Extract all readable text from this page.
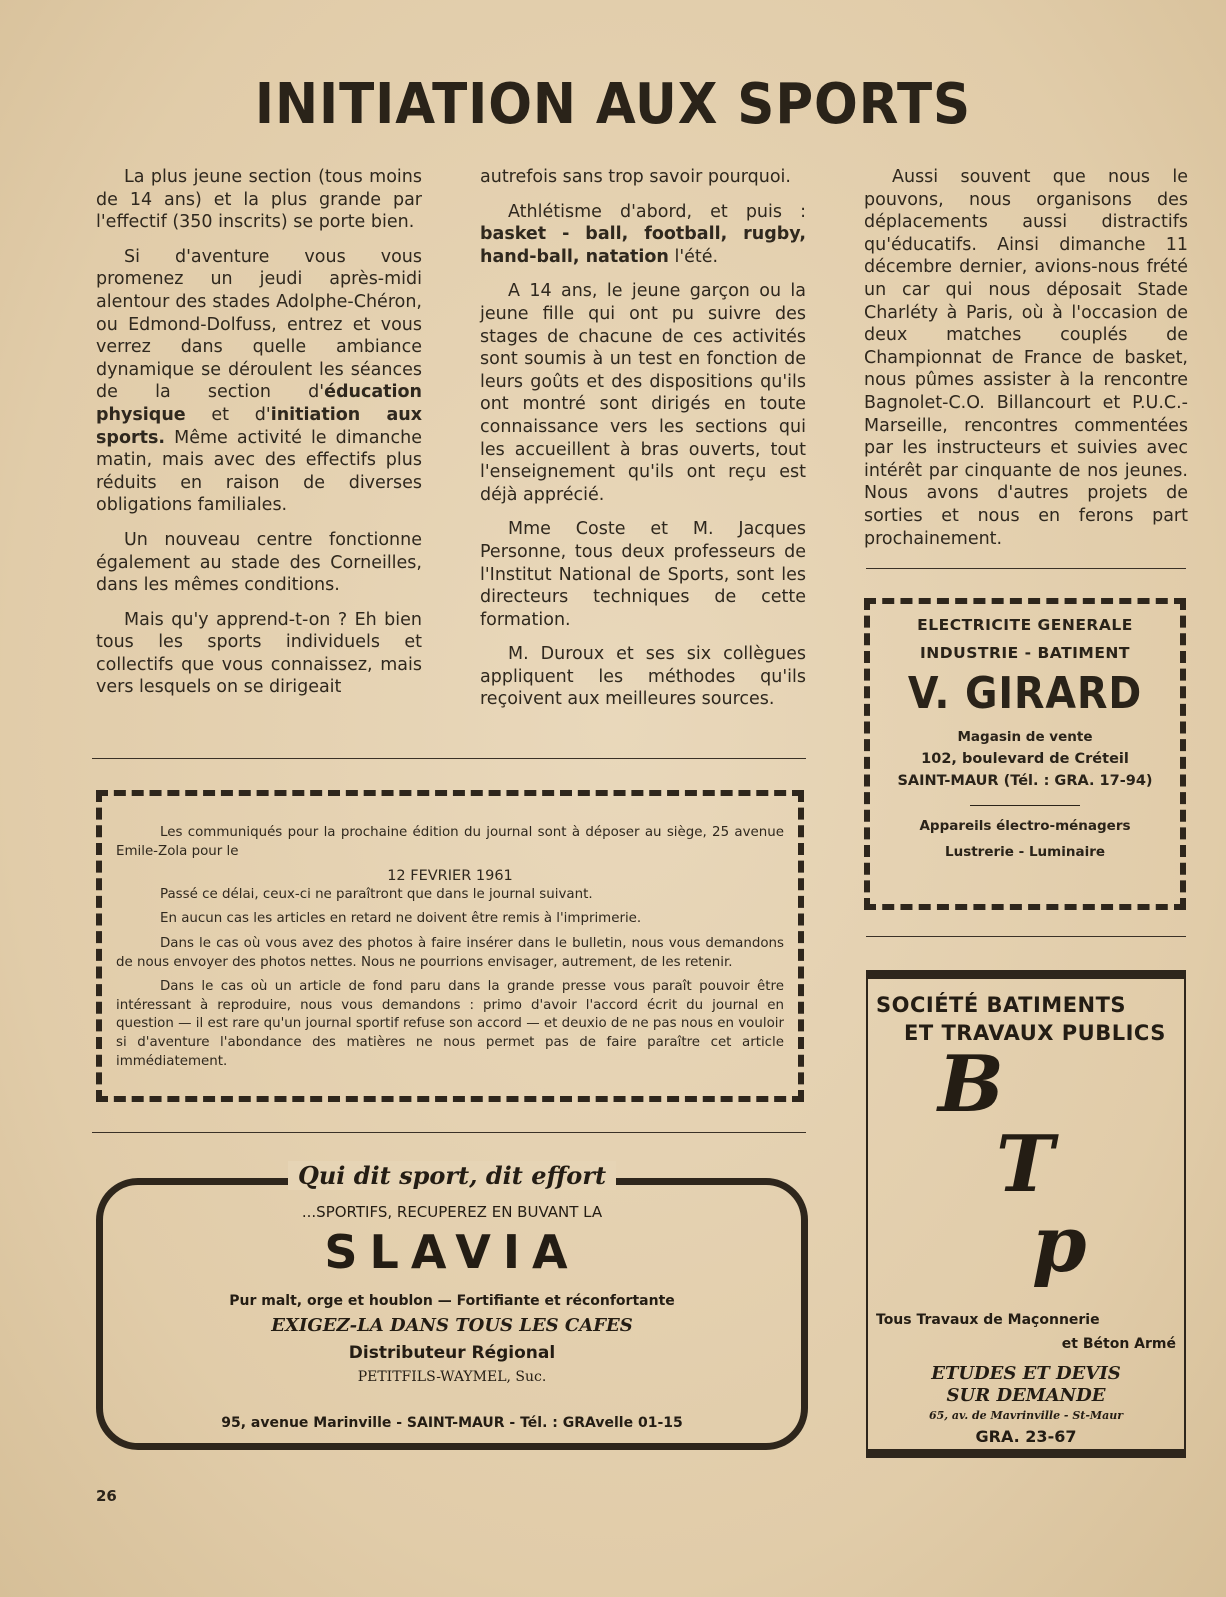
INITIATION AUX SPORTS

La plus jeune section (tous moins de 14 ans) et la plus grande par l'effectif (350 inscrits) se porte bien.

Si d'aventure vous vous promenez un jeudi après-midi alentour des stades Adolphe-Chéron, ou Edmond-Dolfuss, entrez et vous verrez dans quelle ambiance dynamique se déroulent les séances de la section d'éducation physique et d'initiation aux sports. Même activité le dimanche matin, mais avec des effectifs plus réduits en raison de diverses obligations familiales.

Un nouveau centre fonctionne également au stade des Corneilles, dans les mêmes conditions.

Mais qu'y apprend-t-on ? Eh bien tous les sports individuels et collectifs que vous connaissez, mais vers lesquels on se dirigeait

autrefois sans trop savoir pourquoi.

Athlétisme d'abord, et puis : basket - ball, football, rugby, hand-ball, natation l'été.

A 14 ans, le jeune garçon ou la jeune fille qui ont pu suivre des stages de chacune de ces activités sont soumis à un test en fonction de leurs goûts et des dispositions qu'ils ont montré sont dirigés en toute connaissance vers les sections qui les accueillent à bras ouverts, tout l'enseignement qu'ils ont reçu est déjà apprécié.

Mme Coste et M. Jacques Personne, tous deux professeurs de l'Institut National de Sports, sont les directeurs techniques de cette formation.

M. Duroux et ses six collègues appliquent les méthodes qu'ils reçoivent aux meilleures sources.

Aussi souvent que nous le pouvons, nous organisons des déplacements aussi distractifs qu'éducatifs. Ainsi dimanche 11 décembre dernier, avions-nous frété un car qui nous déposait Stade Charléty à Paris, où à l'occasion de deux matches couplés de Championnat de France de basket, nous pûmes assister à la rencontre Bagnolet-C.O. Billancourt et P.U.C.-Marseille, rencontres commentées par les instructeurs et suivies avec intérêt par cinquante de nos jeunes. Nous avons d'autres projets de sorties et nous en ferons part prochainement.

Les communiqués pour la prochaine édition du journal sont à déposer au siège, 25 avenue Emile-Zola pour le

12 FEVRIER 1961

Passé ce délai, ceux-ci ne paraîtront que dans le journal suivant.

En aucun cas les articles en retard ne doivent être remis à l'imprimerie.

Dans le cas où vous avez des photos à faire insérer dans le bulletin, nous vous demandons de nous envoyer des photos nettes. Nous ne pourrions envisager, autrement, de les retenir.

Dans le cas où un article de fond paru dans la grande presse vous paraît pouvoir être intéressant à reproduire, nous vous demandons : primo d'avoir l'accord écrit du journal en question — il est rare qu'un journal sportif refuse son accord — et deuxio de ne pas nous en vouloir si d'aventure l'abondance des matières ne nous permet pas de faire paraître cet article immédiatement.

ELECTRICITE GENERALE
INDUSTRIE - BATIMENT
V. GIRARD
Magasin de vente
102, boulevard de Créteil
SAINT-MAUR (Tél. : GRA. 17-94)
Appareils électro-ménagers
Lustrerie - Luminaire
SOCIÉTÉ BATIMENTS
ET TRAVAUX PUBLICS
B
T
p
Tous Travaux de Maçonnerie
et Béton Armé
ETUDES ET DEVIS
SUR DEMANDE
65, av. de Mavrinville - St-Maur
GRA. 23-67
Qui dit sport, dit effort
...SPORTIFS, RECUPEREZ EN BUVANT LA
SLAVIA
Pur malt, orge et houblon — Fortifiante et réconfortante
EXIGEZ-LA DANS TOUS LES CAFES
Distributeur Régional
PETITFILS-WAYMEL, Suc.
95, avenue Marinville - SAINT-MAUR - Tél. : GRAvelle 01-15
26
